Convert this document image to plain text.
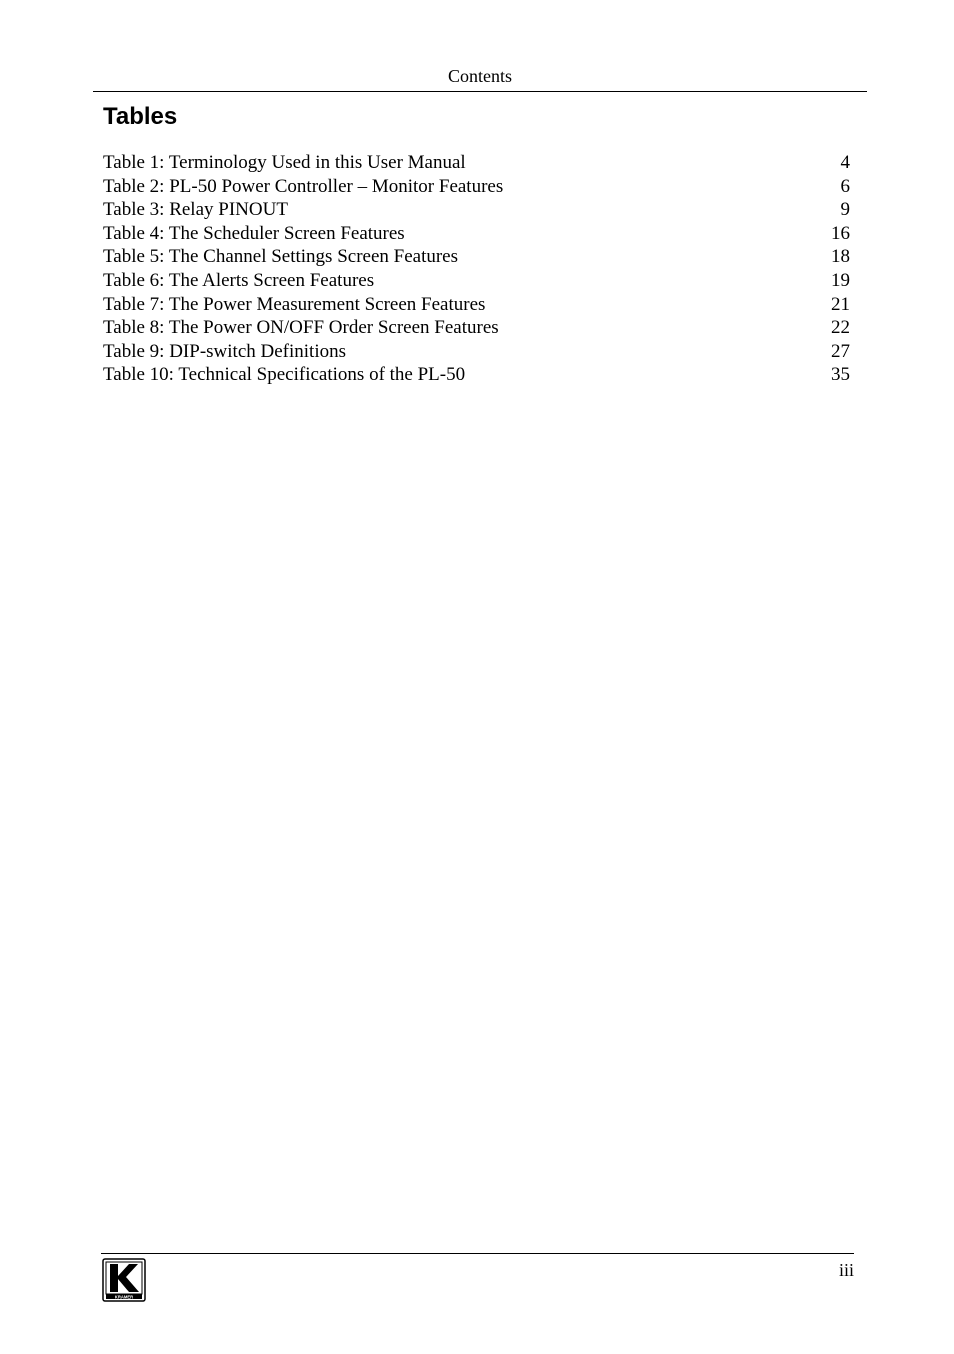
Contents
Tables
Table 1: Terminology Used in this User Manual	4
Table 2: PL-50 Power Controller – Monitor Features	6
Table 3: Relay PINOUT	9
Table 4: The Scheduler Screen Features	16
Table 5: The Channel Settings Screen Features	18
Table 6: The Alerts Screen Features	19
Table 7: The Power Measurement Screen Features	21
Table 8: The Power ON/OFF Order Screen Features	22
Table 9: DIP-switch Definitions	27
Table 10: Technical Specifications of the PL-50	35
KRAMER
iii
